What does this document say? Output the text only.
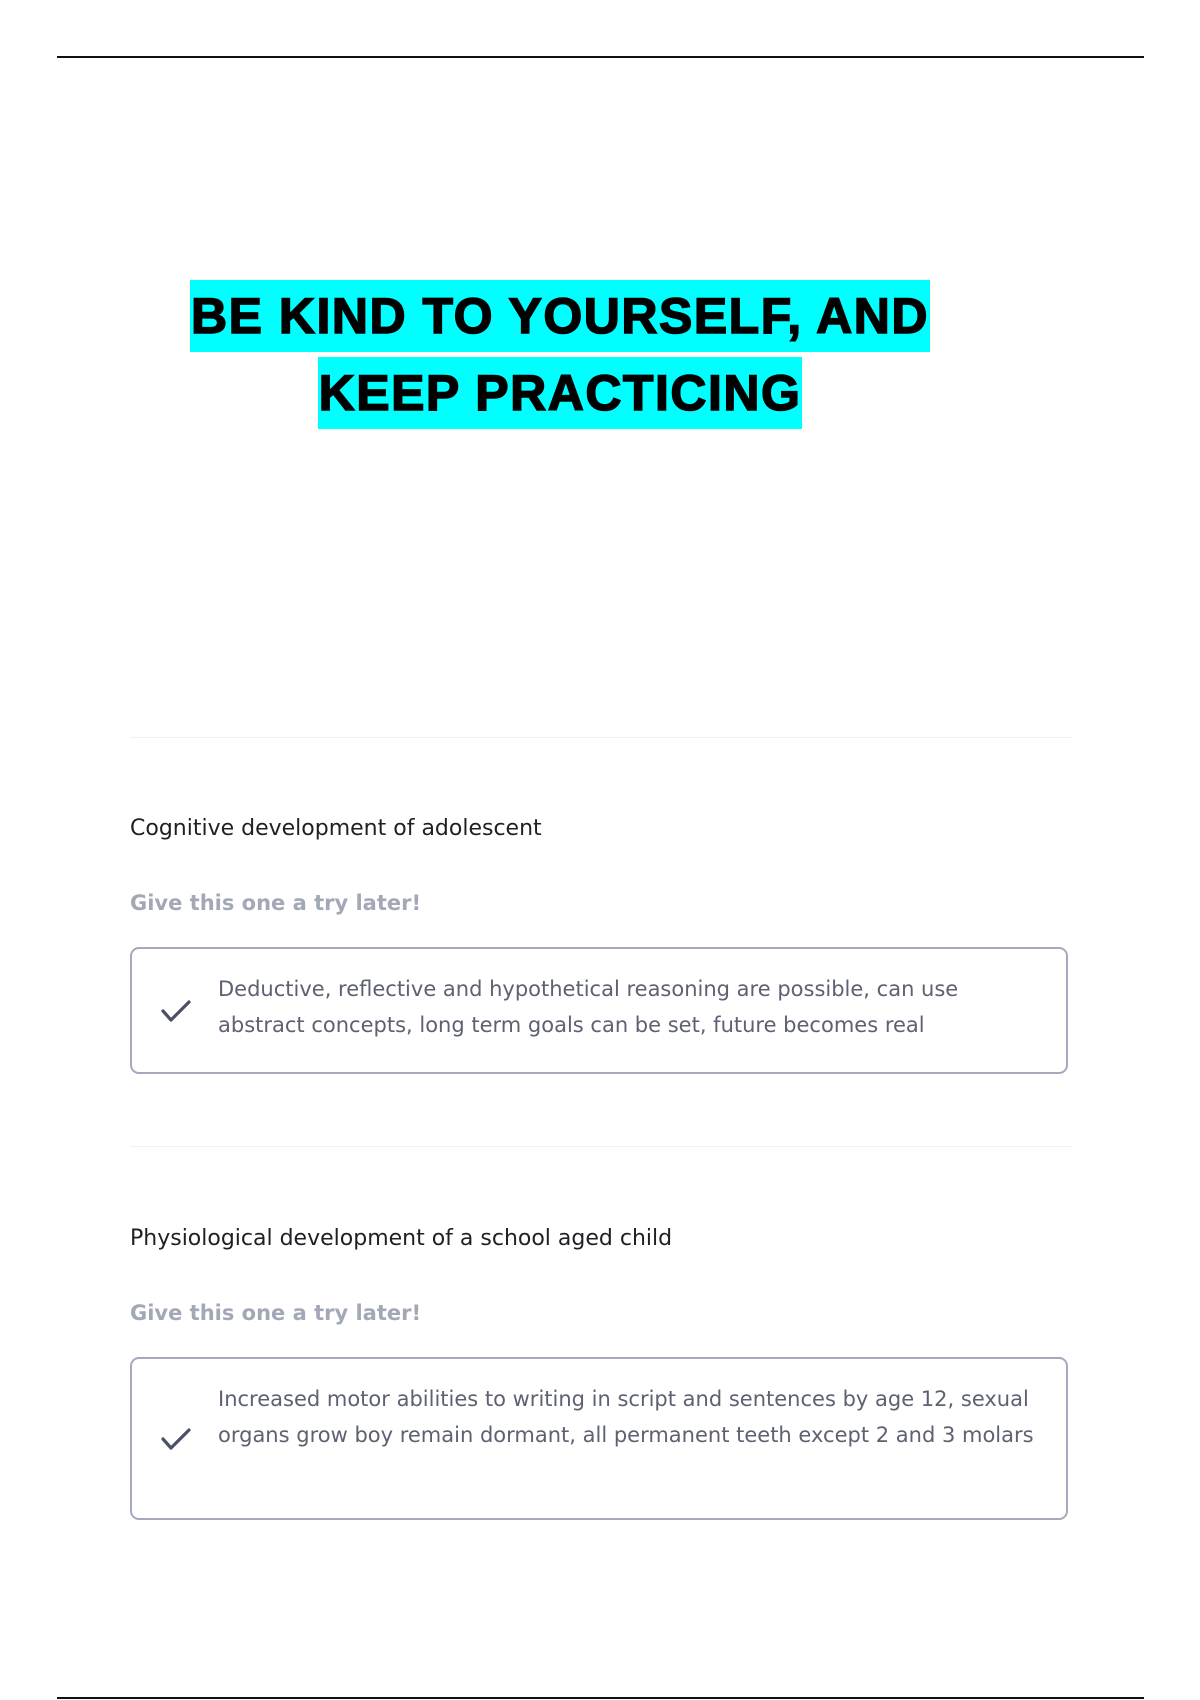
BE KIND TO YOURSELF, AND
KEEP PRACTICING

Cognitive development of adolescent

Give this one a try later!
Deductive, reflective and hypothetical reasoning are possible, can use abstract concepts, long term goals can be set, future becomes real

Physiological development of a school aged child

Give this one a try later!
Increased motor abilities to writing in script and sentences by age 12, sexual organs grow boy remain dormant, all permanent teeth except 2 and 3 molars
